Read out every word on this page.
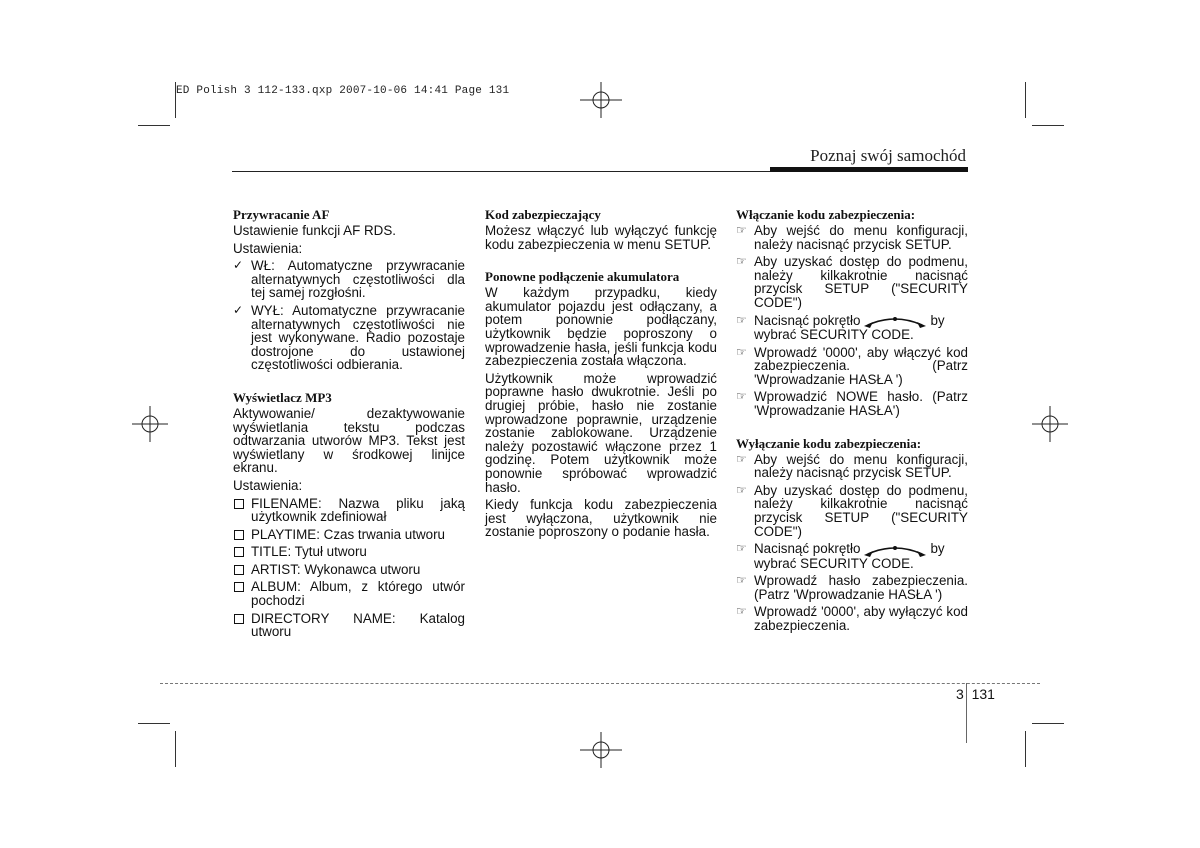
ED Polish 3 112-133.qxp 2007-10-06 14:41 Page 131
Poznaj swój samochód
Przywracanie AF

Ustawienie funkcji AF RDS.

Ustawienia:

✓ WŁ: Automatyczne przywracanie alternatywnych częstotliwości dla tej samej rozgłośni.
✓ WYŁ: Automatyczne przywracanie alternatywnych częstotliwości nie jest wykonywane. Radio pozostaje dostrojone do ustawionej częstotliwości odbierania.
Wyświetlacz MP3

Aktywowanie/ dezaktywowanie wyświetlania tekstu podczas odtwarzania utworów MP3. Tekst jest wyświetlany w środkowej linijce ekranu.

Ustawienia:

FILENAME: Nazwa pliku jaką użytkownik zdefiniował
PLAYTIME: Czas trwania utworu
TITLE: Tytuł utworu
ARTIST: Wykonawca utworu
ALBUM: Album, z którego utwór pochodzi
DIRECTORY NAME: Katalog utworu
Kod zabezpieczający

Możesz włączyć lub wyłączyć funkcję kodu zabezpieczenia w menu SETUP.

Ponowne podłączenie akumulatora

W każdym przypadku, kiedy akumulator pojazdu jest odłączany, a potem ponownie podłączany, użytkownik będzie poproszony o wprowadzenie hasła, jeśli funkcja kodu zabezpieczenia została włączona.

Użytkownik może wprowadzić poprawne hasło dwukrotnie. Jeśli po drugiej próbie, hasło nie zostanie wprowadzone poprawnie, urządzenie zostanie zablokowane. Urządzenie należy pozostawić włączone przez 1 godzinę. Potem użytkownik może ponownie spróbować wprowadzić hasło.

Kiedy funkcja kodu zabezpieczenia jest wyłączona, użytkownik nie zostanie poproszony o podanie hasła.

Włączanie kodu zabezpieczenia:
☞ Aby wejść do menu konfiguracji, należy nacisnąć przycisk SETUP.
☞ Aby uzyskać dostęp do podmenu, należy kilkakrotnie nacisnąć przycisk SETUP ("SECURITY CODE")
☞ Nacisnąć pokrętło	by wybrać SECURITY CODE.
☞ Wprowadź '0000', aby włączyć kod zabezpieczenia. (Patrz 'Wprowadzanie HASŁA ')
☞ Wprowadzić NOWE hasło. (Patrz 'Wprowadzanie HASŁA')
Wyłączanie kodu zabezpieczenia:
☞ Aby wejść do menu konfiguracji, należy nacisnąć przycisk SETUP.
☞ Aby uzyskać dostęp do podmenu, należy kilkakrotnie nacisnąć przycisk SETUP ("SECURITY CODE")
☞ Nacisnąć pokrętło	by wybrać SECURITY CODE.
☞ Wprowadź hasło zabezpieczenia. (Patrz 'Wprowadzanie HASŁA ')
☞ Wprowadź '0000', aby wyłączyć kod zabezpieczenia.
3 131
